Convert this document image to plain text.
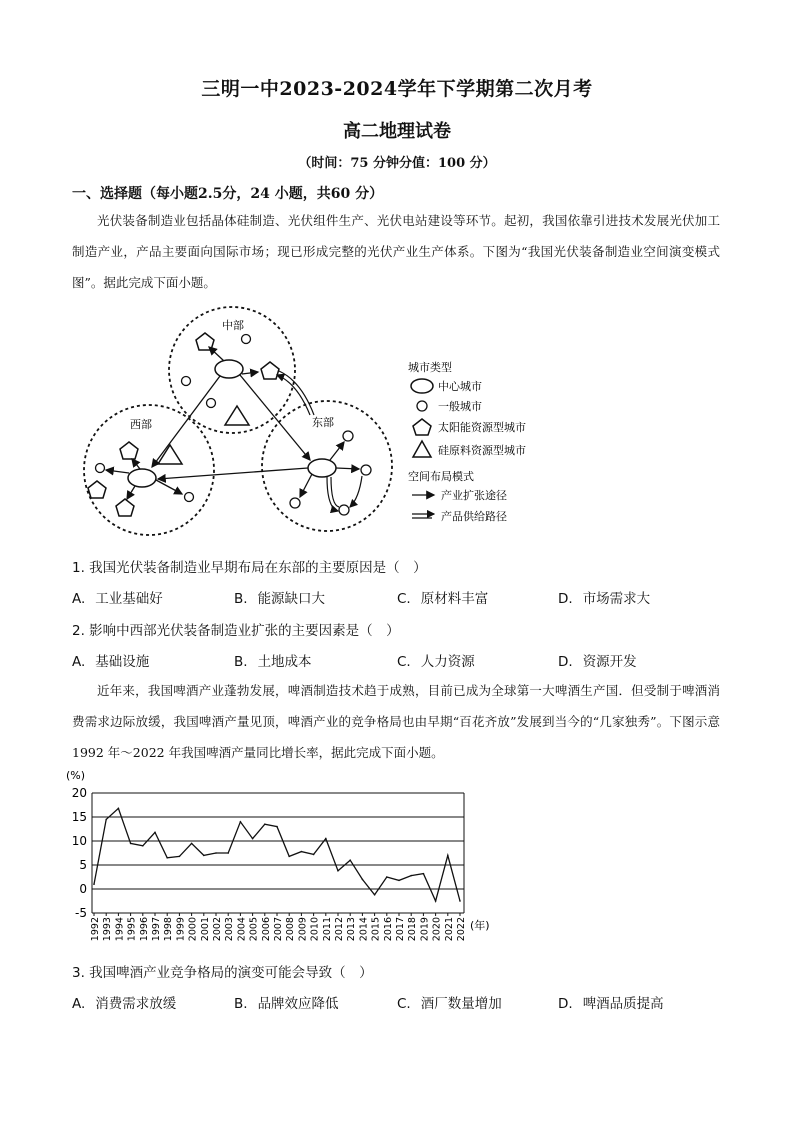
三明一中2023-2024学年下学期第二次月考
高二地理试卷
（时间：75 分钟分值：100 分）
一、选择题（每小题2.5分，24 小题，共60 分）
光伏装备制造业包括晶体硅制造、光伏组件生产、光伏电站建设等环节。起初，我国依靠引进技术发展光伏加工制造产业，产品主要面向国际市场；现已形成完整的光伏产业生产体系。下图为“我国光伏装备制造业空间演变模式图”。据此完成下面小题。
中部
西部	东部
城市类型
中心城市
一般城市
太阳能资源型城市
硅原料资源型城市
空间布局模式
产业扩张途径
产品供给路径
1. 我国光伏装备制造业早期布局在东部的主要原因是（　）
A. 工业基础好	B. 能源缺口大	C. 原材料丰富	D. 市场需求大
2. 影响中西部光伏装备制造业扩张的主要因素是（　）
A. 基础设施	B. 土地成本	C. 人力资源	D. 资源开发
近年来，我国啤酒产业蓬勃发展，啤酒制造技术趋于成熟，目前已成为全球第一大啤酒生产国．但受制于啤酒消费需求边际放缓，我国啤酒产量见顶，啤酒产业的竞争格局也由早期“百花齐放”发展到当今的“几家独秀”。下图示意 1992 年～2022 年我国啤酒产量同比增长率，据此完成下面小题。
(%)
20
15
10
5
0
-5
1992 1993 1994 1995 1996 1997 1998 1999 2000 2001 2002 2003 2004 2005 2006 2007 2008 2009 2010 2011 2012 2013 2014 2015 2016 2017 2018 2019 2020 2021 2022 (年)
3. 我国啤酒产业竞争格局的演变可能会导致（　）
A. 消费需求放缓	B. 品牌效应降低	C. 酒厂数量增加	D. 啤酒品质提高
